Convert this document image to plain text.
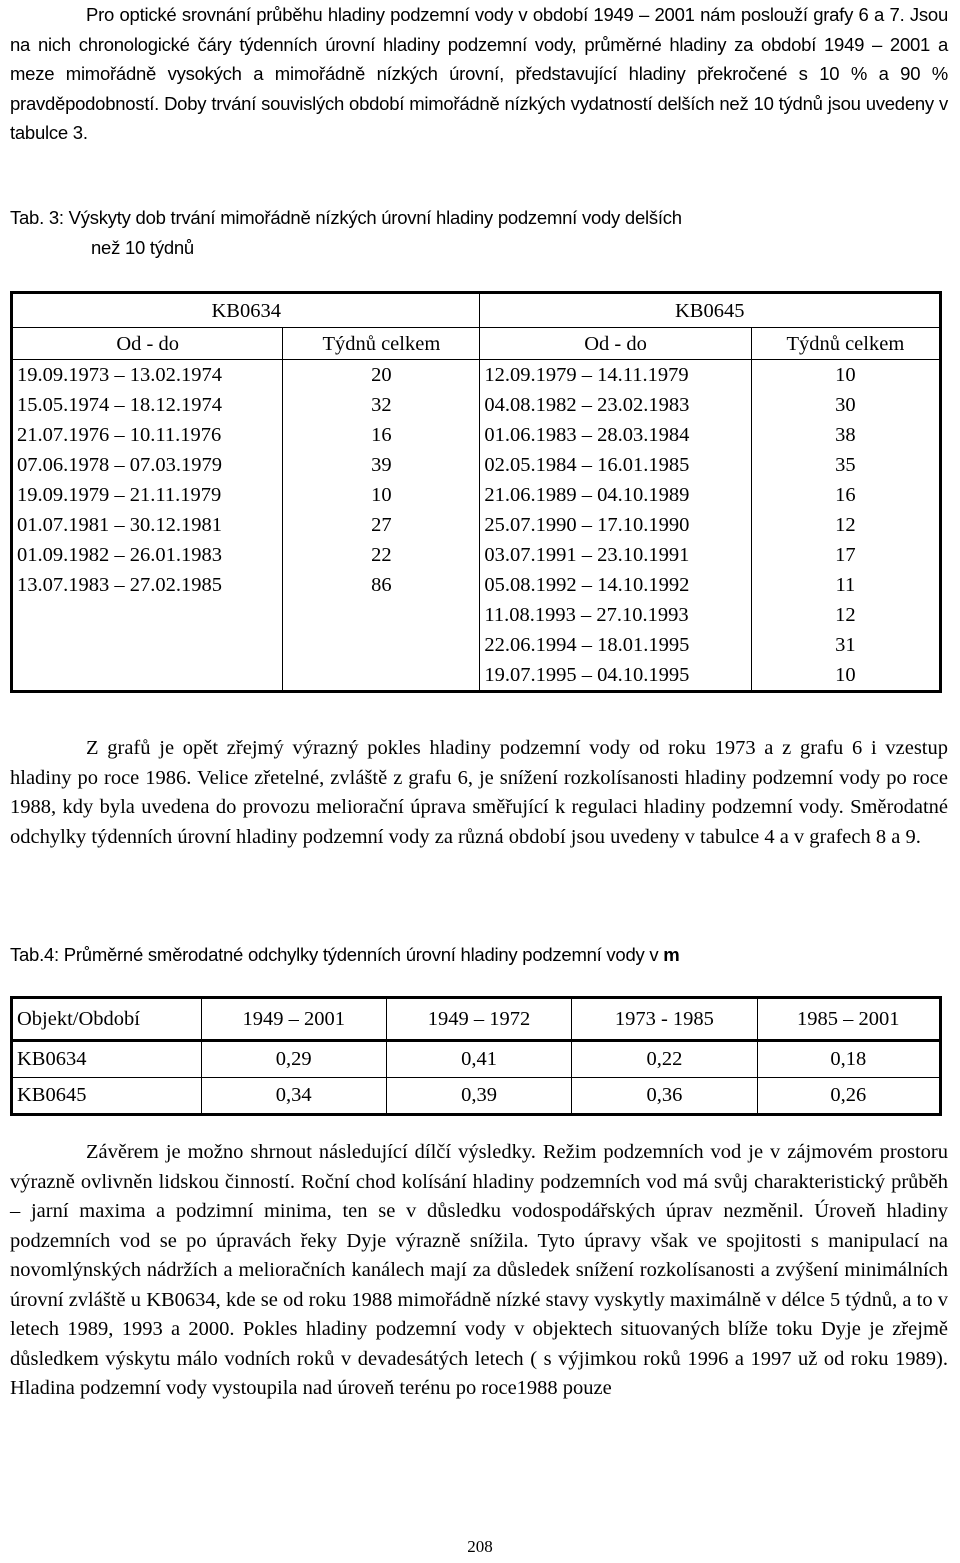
Pro optické srovnání průběhu hladiny podzemní vody v období 1949 – 2001 nám poslouží grafy 6 a 7. Jsou na nich chronologické čáry týdenních úrovní hladiny podzemní vody, průměrné hladiny za období 1949 – 2001 a meze mimořádně vysokých a mimořádně nízkých úrovní, představující hladiny překročené s 10 % a 90 % pravděpodobností. Doby trvání souvislých období mimořádně nízkých vydatností delších než 10 týdnů jsou uvedeny v tabulce 3.

Tab. 3: Výskyty dob trvání mimořádně nízkých úrovní hladiny podzemní vody delších
než 10 týdnů
KB0634		KB0645	
Od - do	Týdnů celkem	Od - do	Týdnů celkem
19.09.1973 – 13.02.1974	20	12.09.1979 – 14.11.1979	10
15.05.1974 – 18.12.1974	32	04.08.1982 – 23.02.1983	30
21.07.1976 – 10.11.1976	16	01.06.1983 – 28.03.1984	38
07.06.1978 – 07.03.1979	39	02.05.1984 – 16.01.1985	35
19.09.1979 – 21.11.1979	10	21.06.1989 – 04.10.1989	16
01.07.1981 – 30.12.1981	27	25.07.1990 – 17.10.1990	12
01.09.1982 – 26.01.1983	22	03.07.1991 – 23.10.1991	17
13.07.1983 – 27.02.1985	86	05.08.1992 – 14.10.1992	11
		11.08.1993 – 27.10.1993	12
		22.06.1994 – 18.01.1995	31
		19.07.1995 – 04.10.1995	10

Z grafů je opět zřejmý výrazný pokles hladiny podzemní vody od roku 1973 a z grafu 6 i vzestup hladiny po roce 1986. Velice zřetelné, zvláště z grafu 6, je snížení rozkolísanosti hladiny podzemní vody po roce 1988, kdy byla uvedena do provozu meliorační úprava směřující k regulaci hladiny podzemní vody. Směrodatné odchylky týdenních úrovní hladiny podzemní vody za různá období jsou uvedeny v tabulce 4 a v grafech 8 a 9.

Tab.4: Průměrné směrodatné odchylky týdenních úrovní hladiny podzemní vody v m
Objekt/Období	1949 – 2001	1949 – 1972	1973 - 1985	1985 – 2001
KB0634	0,29	0,41	0,22	0,18
KB0645	0,34	0,39	0,36	0,26

Závěrem je možno shrnout následující dílčí výsledky. Režim podzemních vod je v zájmovém prostoru výrazně ovlivněn lidskou činností. Roční chod kolísání hladiny podzemních vod má svůj charakteristický průběh – jarní maxima a podzimní minima, ten se v důsledku vodospodářských úprav nezměnil. Úroveň hladiny podzemních vod se po úpravách řeky Dyje výrazně snížila. Tyto úpravy však ve spojitosti s manipulací na novomlýnských nádržích a melioračních kanálech mají za důsledek snížení rozkolísanosti a zvýšení minimálních úrovní zvláště u KB0634, kde se od roku 1988 mimořádně nízké stavy vyskytly maximálně v délce 5 týdnů, a to v letech 1989, 1993 a 2000. Pokles hladiny podzemní vody v objektech situovaných blíže toku Dyje je zřejmě důsledkem výskytu málo vodních roků v devadesátých letech ( s výjimkou roků 1996 a 1997 už od roku 1989). Hladina podzemní vody vystoupila nad úroveň terénu po roce1988 pouze

208
